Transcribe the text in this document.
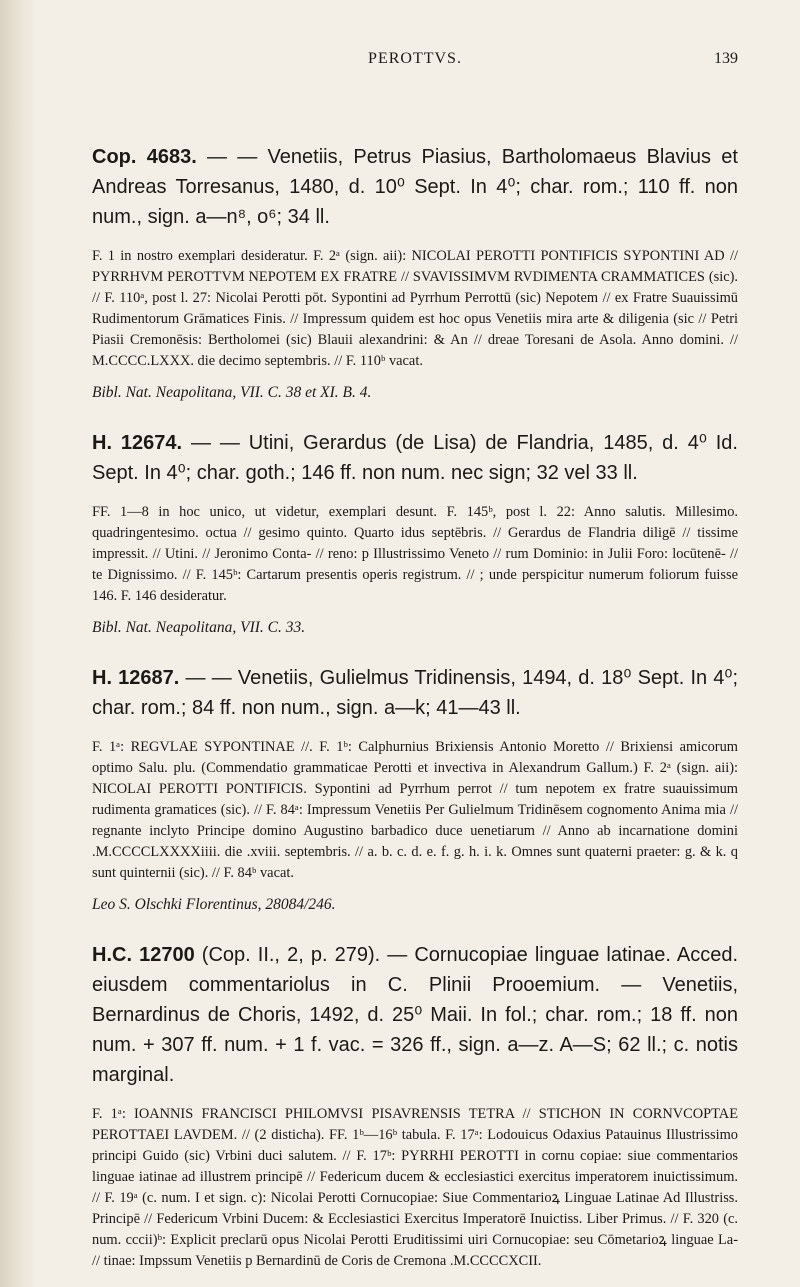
PEROTTVS.	139

Cop. 4683. — — Venetiis, Petrus Piasius, Bartholomaeus Blavius et Andreas Torresanus, 1480, d. 10⁰ Sept. In 4⁰; char. rom.; 110 ff. non num., sign. a—n⁸, o⁶; 34 ll.

F. 1 in nostro exemplari desideratur. F. 2ᵃ (sign. aii): NICOLAI PEROTTI PONTIFICIS SYPONTINI AD // PYRRHVM PEROTTVM NEPOTEM EX FRATRE // SVAVISSIMVM RVDIMENTA CRAMMATICES (sic). // F. 110ᵃ, post l. 27: Nicolai Perotti pōt. Sypontini ad Pyrrhum Perrottū (sic) Nepotem // ex Fratre Suauissimū Rudimentorum Grāmatices Finis. // Impressum quidem est hoc opus Venetiis mira arte & diligenia (sic // Petri Piasii Cremonēsis: Bertholomei (sic) Blauii alexandrini: & An // dreae Toresani de Asola. Anno domini. // M.CCCC.LXXX. die decimo septembris. // F. 110ᵇ vacat.

Bibl. Nat. Neapolitana, VII. C. 38 et XI. B. 4.

H. 12674. — — Utini, Gerardus (de Lisa) de Flandria, 1485, d. 4⁰ Id. Sept. In 4⁰; char. goth.; 146 ff. non num. nec sign; 32 vel 33 ll.

FF. 1—8 in hoc unico, ut videtur, exemplari desunt. F. 145ᵇ, post l. 22: Anno salutis. Millesimo. quadringentesimo. octua // gesimo quinto. Quarto idus septēbris. // Gerardus de Flandria diligē // tissime impressit. // Utini. // Jeronimo Conta- // reno: p Illustrissimo Veneto // rum Dominio: in Julii Foro: locūtenē- // te Dignissimo. // F. 145ᵇ: Cartarum presentis operis registrum. // ; unde perspicitur numerum foliorum fuisse 146. F. 146 desideratur.

Bibl. Nat. Neapolitana, VII. C. 33.

H. 12687. — — Venetiis, Gulielmus Tridinensis, 1494, d. 18⁰ Sept. In 4⁰; char. rom.; 84 ff. non num., sign. a—k; 41—43 ll.

F. 1ᵃ: REGVLAE SYPONTINAE //. F. 1ᵇ: Calphurnius Brixiensis Antonio Moretto // Brixiensi amicorum optimo Salu. plu. (Commendatio grammaticae Perotti et invectiva in Alexandrum Gallum.) F. 2ᵃ (sign. aii): NICOLAI PEROTTI PONTIFICIS. Sypontini ad Pyrrhum perrot // tum nepotem ex fratre suauissimum rudimenta gramatices (sic). // F. 84ᵃ: Impressum Venetiis Per Gulielmum Tridinēsem cognomento Anima mia // regnante inclyto Principe domino Augustino barbadico duce uenetiarum // Anno ab incarnatione domini .M.CCCCLXXXXiiii. die .xviii. septembris. // a. b. c. d. e. f. g. h. i. k. Omnes sunt quaterni praeter: g. & k. q sunt quinternii (sic). // F. 84ᵇ vacat.

Leo S. Olschki Florentinus, 28084/246.

H.C. 12700 (Cop. II., 2, p. 279). — Cornucopiae linguae latinae. Acced. eiusdem commentariolus in C. Plinii Prooemium. — Venetiis, Bernardinus de Choris, 1492, d. 25⁰ Maii. In fol.; char. rom.; 18 ff. non num. + 307 ff. num. + 1 f. vac. = 326 ff., sign. a—z. A—S; 62 ll.; c. notis marginal.

F. 1ᵃ: IOANNIS FRANCISCI PHILOMVSI PISAVRENSIS TETRA // STICHON IN CORNVCOPTAE PEROTTAEI LAVDEM. // (2 disticha). FF. 1ᵇ—16ᵇ tabula. F. 17ᵃ: Lodouicus Odaxius Patauinus Illustrissimo principi Guido (sic) Vrbini duci salutem. // F. 17ᵇ: PYRRHI PEROTTI in cornu copiae: siue commentarios linguae iatinae ad illustrem principē // Federicum ducem & ecclesiastici exercitus imperatorem inuictissimum. // F. 19ᵃ (c. num. I et sign. c): Nicolai Perotti Cornucopiae: Siue Commentarioꝝ Linguae Latinae Ad Illustriss. Principē // Federicum Vrbini Ducem: & Ecclesiastici Exercitus Imperatorē Inuictiss. Liber Primus. // F. 320 (c. num. cccii)ᵇ: Explicit preclarū opus Nicolai Perotti Eruditissimi uiri Cornucopiae: seu Cōmetarioꝝ linguae La- // tinae: Impssum Venetiis p Bernardinū de Coris de Cremona .M.CCCCXCII.
